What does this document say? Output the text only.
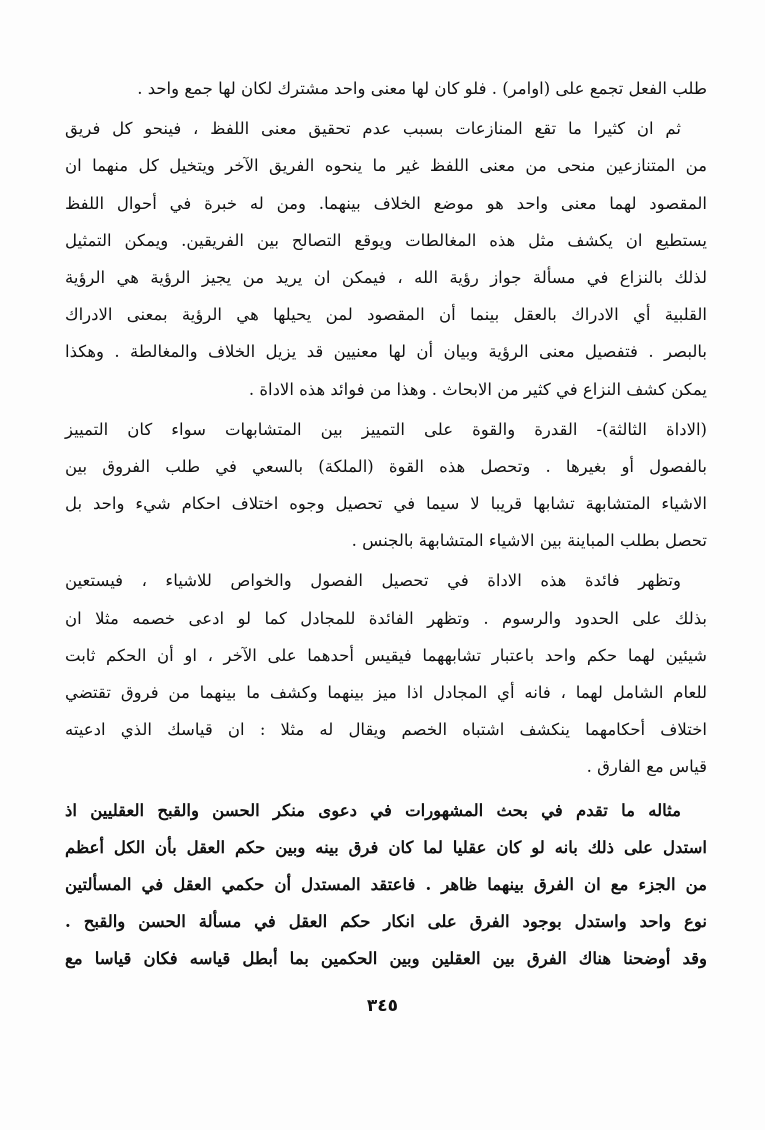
طلب الفعل تجمع على (اوامر) . فلو كان لها معنى واحد مشترك لكان لها جمع واحد .
ثم ان كثيرا ما تقع المنازعات بسبب عدم تحقيق معنى اللفظ ، فينحو كل فريق
من المتنازعين منحى من معنى اللفظ غير ما ينحوه الفريق الآخر ويتخيل كل منهما ان
المقصود لهما معنى واحد هو موضع الخلاف بينهما. ومن له خبرة في أحوال اللفظ
يستطيع ان يكشف مثل هذه المغالطات ويوقع التصالح بين الفريقين. ويمكن التمثيل
لذلك بالنزاع في مسألة جواز رؤية الله ، فيمكن ان يريد من يجيز الرؤية هي الرؤية
القلبية أي الادراك بالعقل بينما أن المقصود لمن يحيلها هي الرؤية بمعنى الادراك
بالبصر . فتفصيل معنى الرؤية وبيان أن لها معنيين قد يزيل الخلاف والمغالطة . وهكذا
يمكن كشف النزاع في كثير من الابحاث . وهذا من فوائد هذه الاداة .
(الاداة الثالثة)- القدرة والقوة على التمييز بين المتشابهات سواء كان التمييز
بالفصول أو بغيرها . وتحصل هذه القوة (الملكة) بالسعي في طلب الفروق بين
الاشياء المتشابهة تشابها قريبا لا سيما في تحصيل وجوه اختلاف احكام شيء واحد بل
تحصل بطلب المباينة بين الاشياء المتشابهة بالجنس .
وتظهر فائدة هذه الاداة في تحصيل الفصول والخواص للاشياء ، فيستعين
بذلك على الحدود والرسوم . وتظهر الفائدة للمجادل كما لو ادعى خصمه مثلا ان
شيئين لهما حكم واحد باعتبار تشابههما فيقيس أحدهما على الآخر ، او أن الحكم ثابت
للعام الشامل لهما ، فانه أي المجادل اذا ميز بينهما وكشف ما بينهما من فروق تقتضي
اختلاف أحكامهما ينكشف اشتباه الخصم ويقال له مثلا : ان قياسك الذي ادعيته
قياس مع الفارق .
مثاله ما تقدم في بحث المشهورات في دعوى منكر الحسن والقبح العقليين اذ
استدل على ذلك بانه لو كان عقليا لما كان فرق بينه وبين حكم العقل بأن الكل أعظم
من الجزء مع ان الفرق بينهما ظاهر . فاعتقد المستدل أن حكمي العقل في المسألتين
نوع واحد واستدل بوجود الفرق على انكار حكم العقل في مسألة الحسن والقبح .
وقد أوضحنا هناك الفرق بين العقلين وبين الحكمين بما أبطل قياسه فكان قياسا مع
٣٤٥
